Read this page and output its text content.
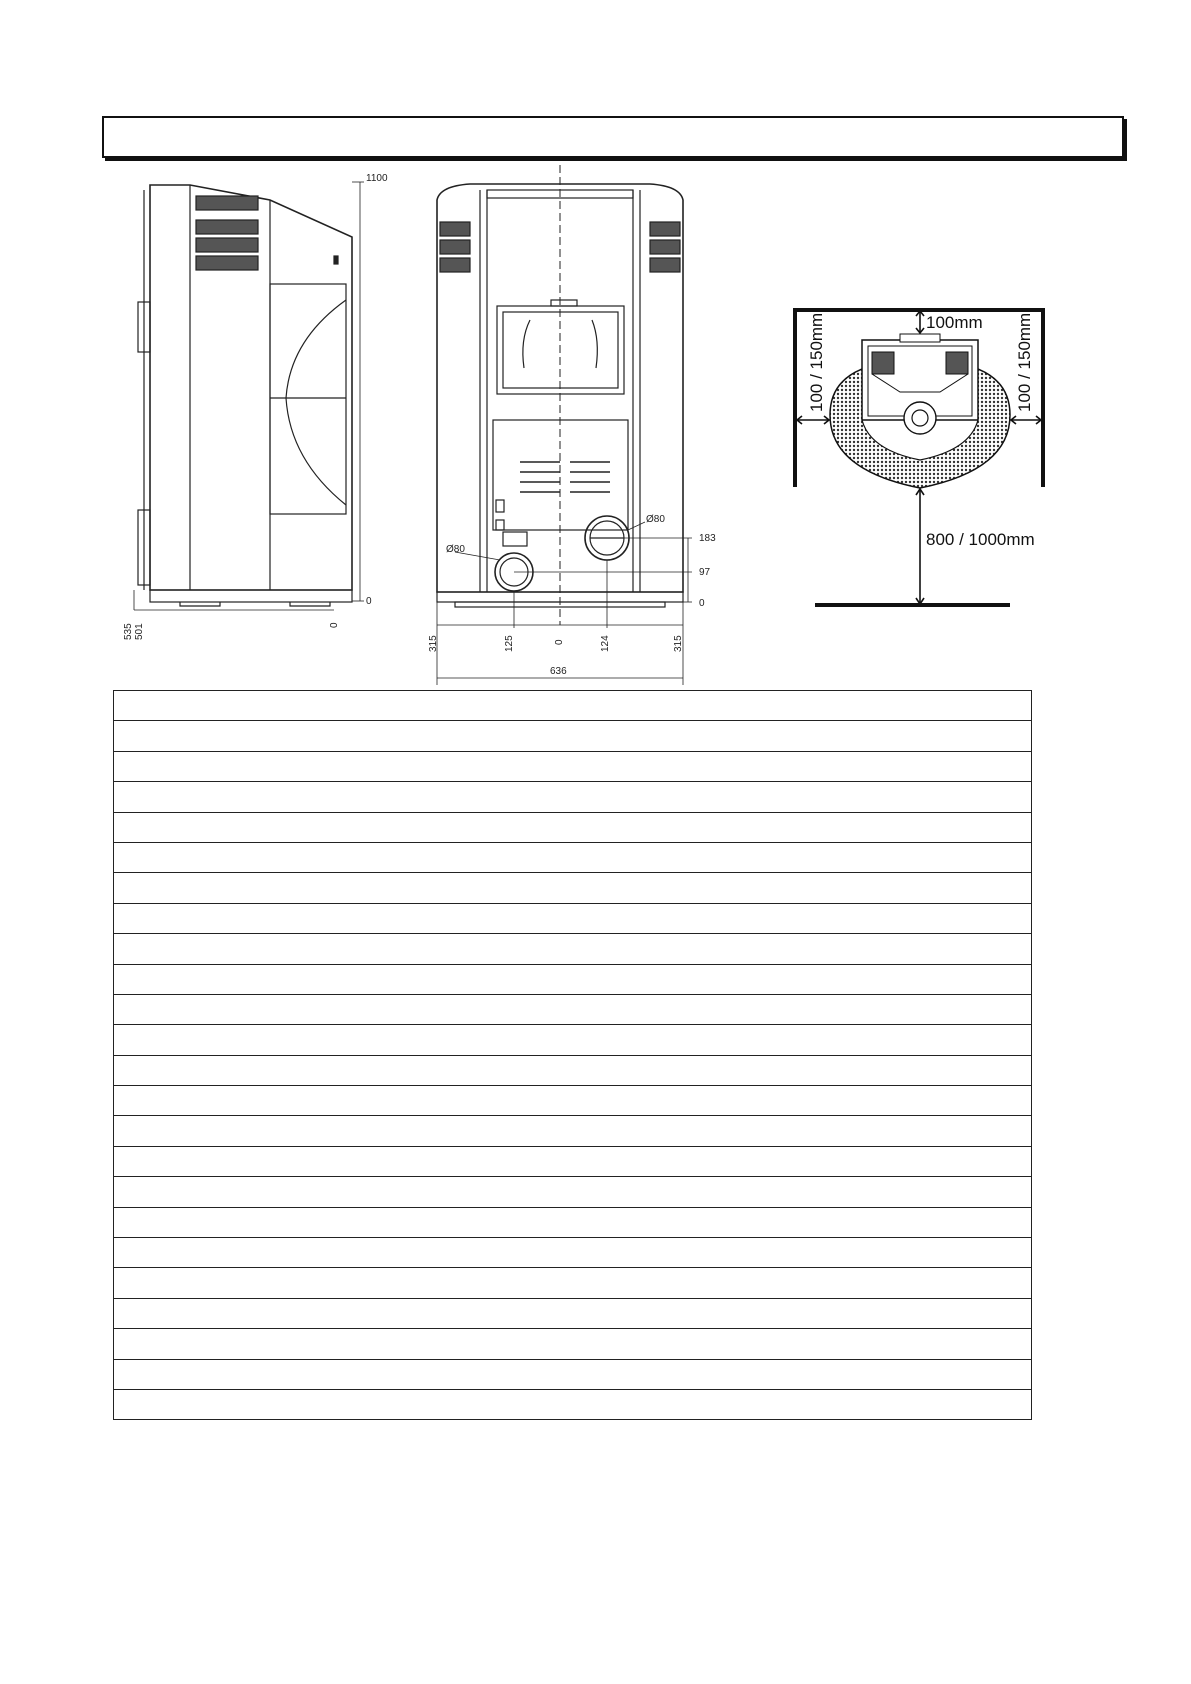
1100
0
535 501	0
Ø80
Ø80
183
97
0
315	125	0	124	315
636
100mm
100 / 150mm	100 / 150mm
800 / 1000mm
